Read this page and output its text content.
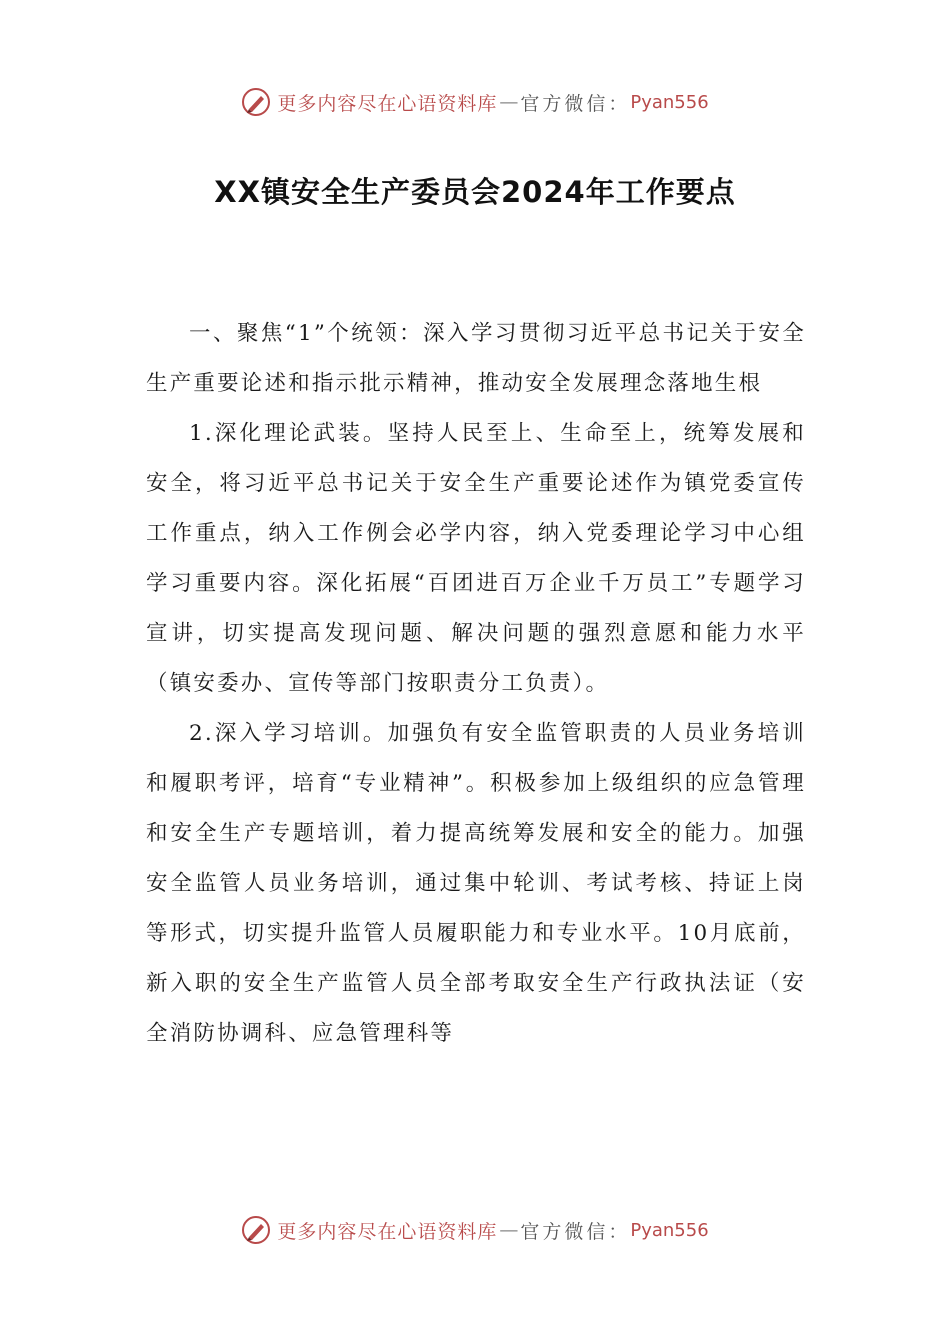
更多内容尽在心语资料库 — 官方微信： Pyan556
XX镇安全生产委员会2024年工作要点

一、聚焦“1”个统领：深入学习贯彻习近平总书记关于安全生产重要论述和指示批示精神，推动安全发展理念落地生根

1.深化理论武装。坚持人民至上、生命至上，统筹发展和安全，将习近平总书记关于安全生产重要论述作为镇党委宣传工作重点，纳入工作例会必学内容，纳入党委理论学习中心组学习重要内容。深化拓展“百团进百万企业千万员工”专题学习宣讲，切实提高发现问题、解决问题的强烈意愿和能力水平（镇安委办、宣传等部门按职责分工负责）。

2.深入学习培训。加强负有安全监管职责的人员业务培训和履职考评，培育“专业精神”。积极参加上级组织的应急管理和安全生产专题培训，着力提高统筹发展和安全的能力。加强安全监管人员业务培训，通过集中轮训、考试考核、持证上岗等形式，切实提升监管人员履职能力和专业水平。10月底前，新入职的安全生产监管人员全部考取安全生产行政执法证（安全消防协调科、应急管理科等

更多内容尽在心语资料库 — 官方微信： Pyan556
